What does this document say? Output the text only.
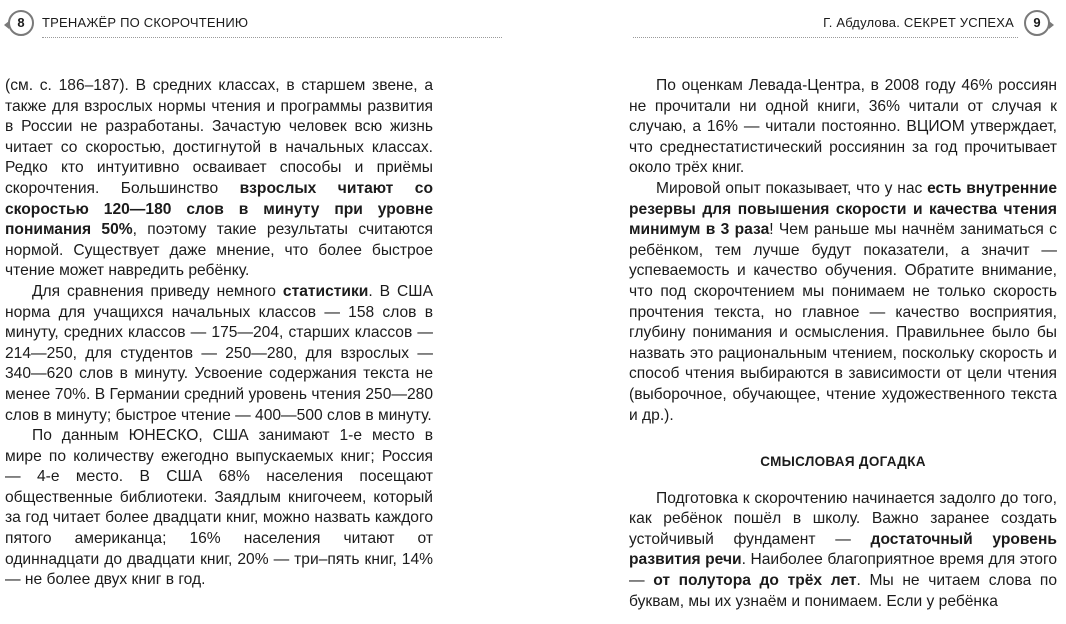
8	ТРЕНАЖЁР ПО СКОРОЧТЕНИЮ

(см. с. 186–187). В средних классах, в старшем звене, а также для взрослых нормы чтения и программы развития в России не разработаны. Зачастую человек всю жизнь читает со скоростью, достигнутой в начальных классах. Редко кто интуитивно осваивает способы и приёмы скорочтения. Большинство взрослых читают со скоростью 120—180 слов в минуту при уровне понимания 50%, поэтому такие результаты считаются нормой. Существует даже мнение, что более быстрое чтение может навредить ребёнку.

Для сравнения приведу немного статистики. В США норма для учащихся начальных классов — 158 слов в минуту, средних классов — 175—204, старших классов — 214—250, для студентов — 250—280, для взрослых — 340—620 слов в минуту. Усвоение содержания текста не менее 70%. В Германии средний уровень чтения 250—280 слов в минуту; быстрое чтение — 400—500 слов в минуту.

По данным ЮНЕСКО, США занимают 1-е место в мире по количеству ежегодно выпускаемых книг; Россия — 4-е место. В США 68% населения посещают общественные библиотеки. Заядлым книгочеем, который за год читает более двадцати книг, можно назвать каждого пятого американца; 16% населения читают от одиннадцати до двадцати книг, 20% — три–пять книг, 14% — не более двух книг в год.

Г. Абдулова. СЕКРЕТ УСПЕХА	9

По оценкам Левада-Центра, в 2008 году 46% россиян не прочитали ни одной книги, 36% читали от случая к случаю, а 16% — читали постоянно. ВЦИОМ утверждает, что среднестатистический россиянин за год прочитывает около трёх книг.

Мировой опыт показывает, что у нас есть внутренние резервы для повышения скорости и качества чтения минимум в 3 раза! Чем раньше мы начнём заниматься с ребёнком, тем лучше будут показатели, а значит — успеваемость и качество обучения. Обратите внимание, что под скорочтением мы понимаем не только скорость прочтения текста, но главное — качество восприятия, глубину понимания и осмысления. Правильнее было бы назвать это рациональным чтением, поскольку скорость и способ чтения выбираются в зависимости от цели чтения (выборочное, обучающее, чтение художественного текста и др.).

СМЫСЛОВАЯ ДОГАДКА

Подготовка к скорочтению начинается задолго до того, как ребёнок пошёл в школу. Важно заранее создать устойчивый фундамент — достаточный уровень развития речи. Наиболее благоприятное время для этого — от полутора до трёх лет. Мы не читаем слова по буквам, мы их узнаём и понимаем. Если у ребёнка
